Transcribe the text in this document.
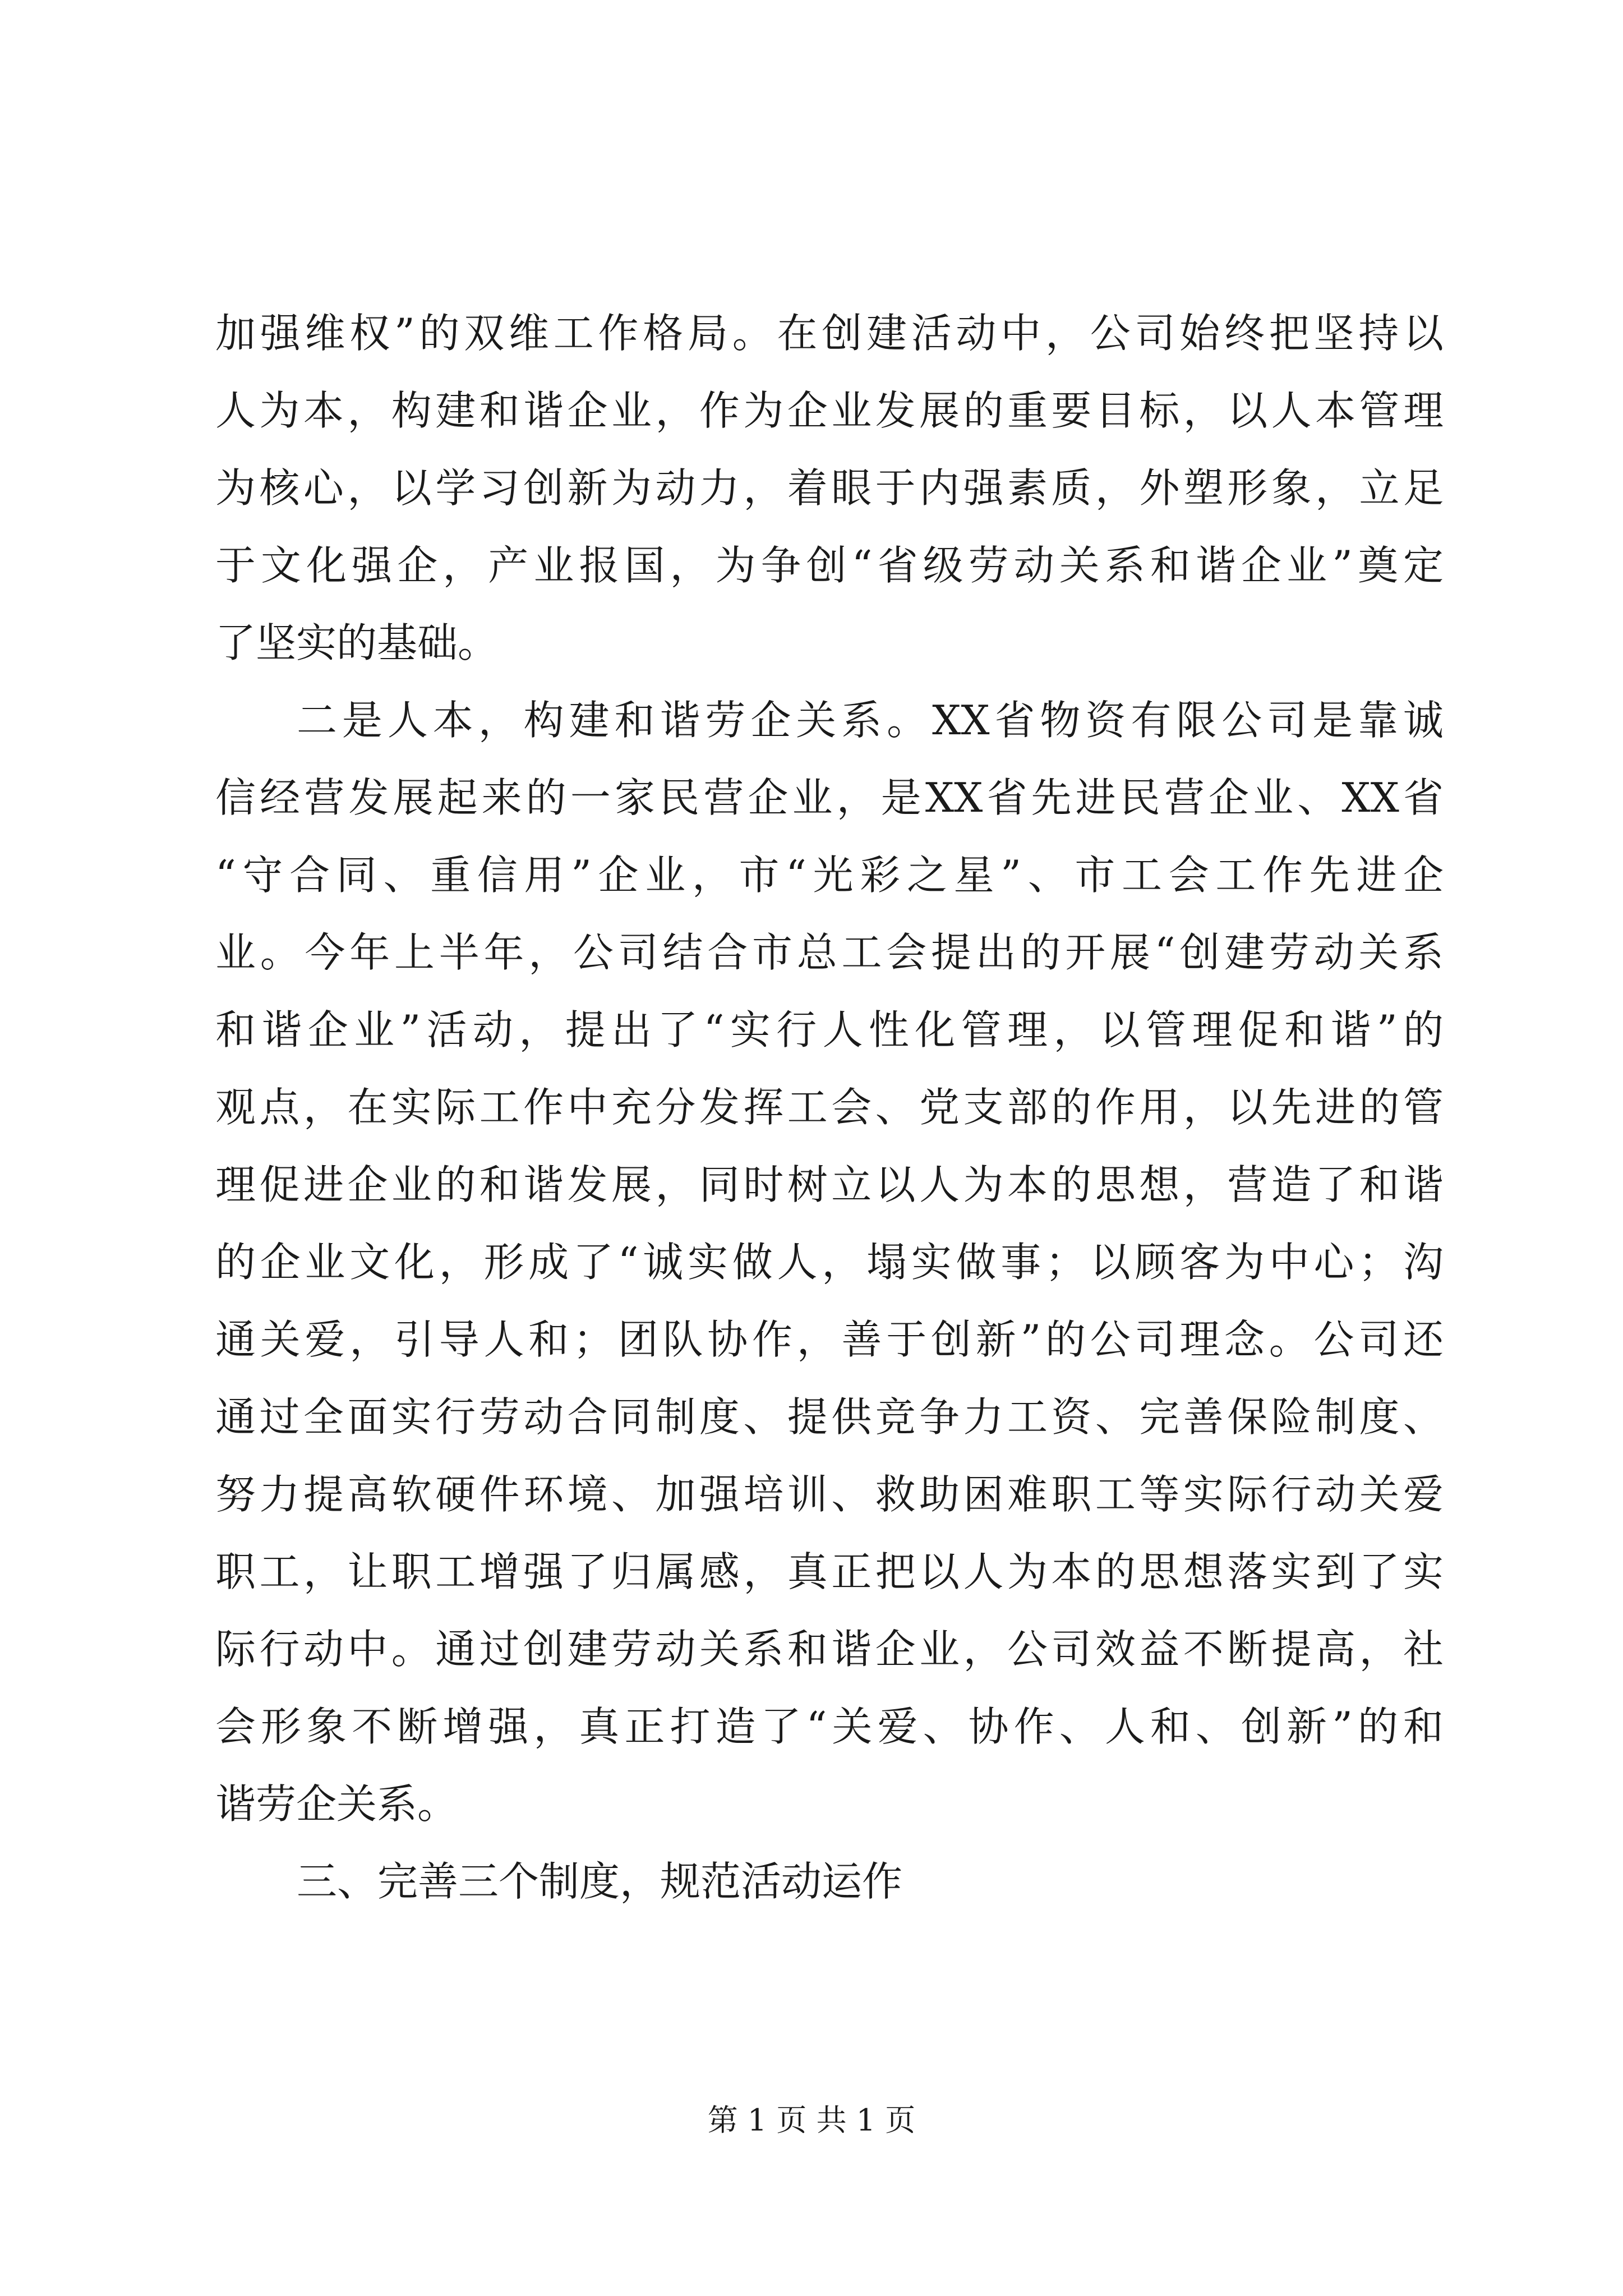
加强维权”的双维工作格局。在创建活动中，公司始终把坚持以
人为本，构建和谐企业，作为企业发展的重要目标，以人本管理
为核心，以学习创新为动力，着眼于内强素质，外塑形象，立足
于文化强企，产业报国，为争创“省级劳动关系和谐企业”奠定
了坚实的基础。
二是人本，构建和谐劳企关系。XX省物资有限公司是靠诚
信经营发展起来的一家民营企业，是XX省先进民营企业、XX省
“守合同、重信用”企业，市“光彩之星”、市工会工作先进企
业。今年上半年，公司结合市总工会提出的开展“创建劳动关系
和谐企业”活动，提出了“实行人性化管理，以管理促和谐”的
观点，在实际工作中充分发挥工会、党支部的作用，以先进的管
理促进企业的和谐发展，同时树立以人为本的思想，营造了和谐
的企业文化，形成了“诚实做人，塌实做事；以顾客为中心；沟
通关爱，引导人和；团队协作，善于创新”的公司理念。公司还
通过全面实行劳动合同制度、提供竞争力工资、完善保险制度、
努力提高软硬件环境、加强培训、救助困难职工等实际行动关爱
职工，让职工增强了归属感，真正把以人为本的思想落实到了实
际行动中。通过创建劳动关系和谐企业，公司效益不断提高，社
会形象不断增强，真正打造了“关爱、协作、人和、创新”的和
谐劳企关系。
三、完善三个制度，规范活动运作
第 1 页 共 1 页
